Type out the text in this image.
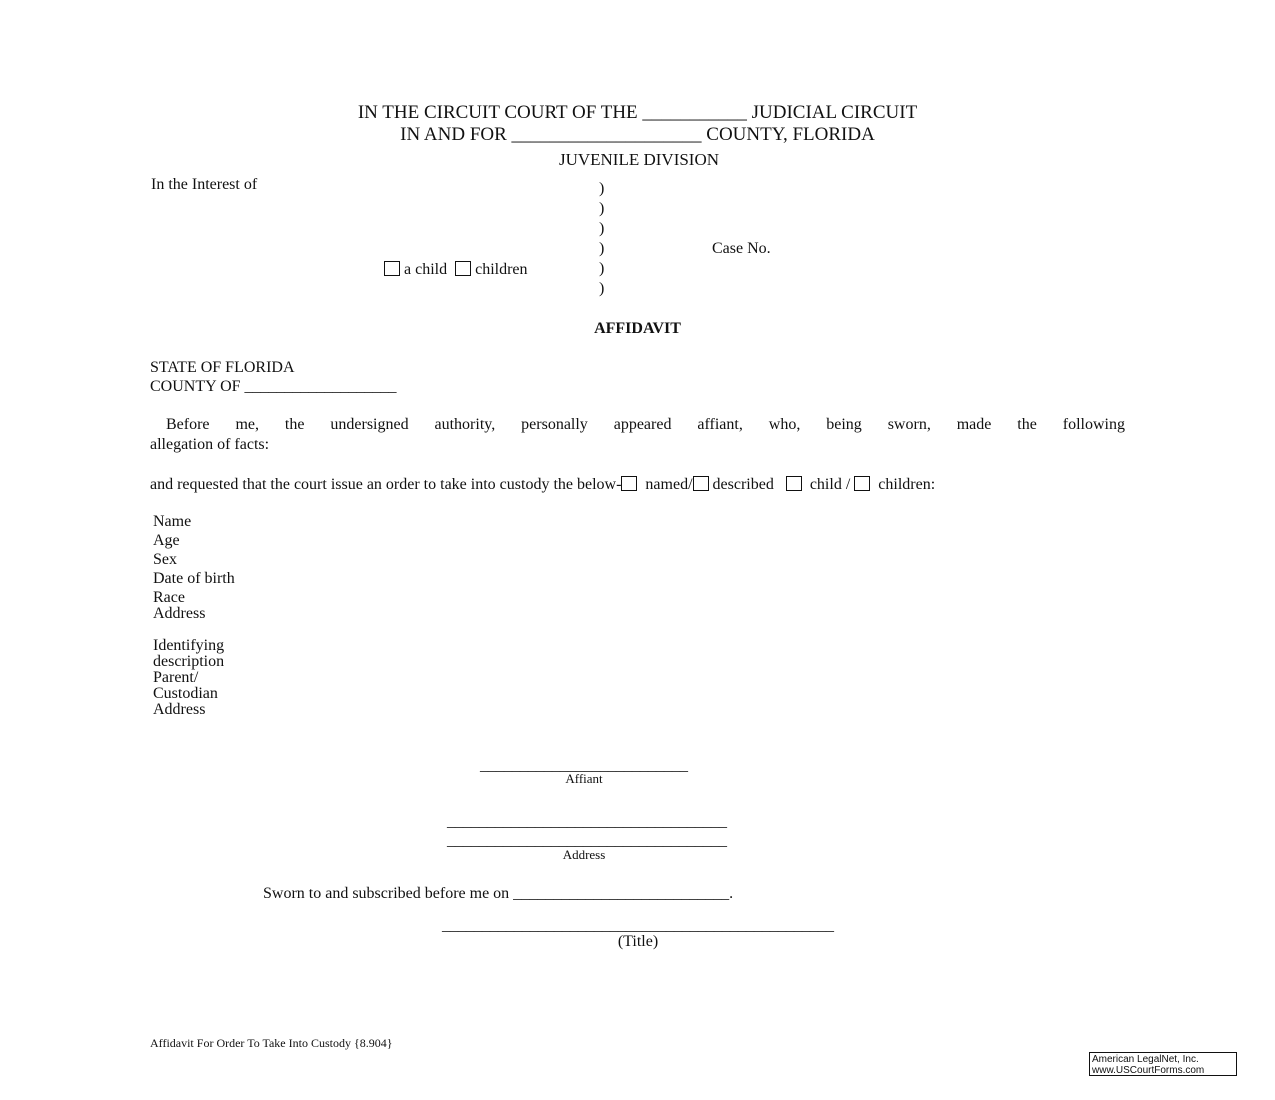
IN THE CIRCUIT COURT OF THE ___________ JUDICIAL CIRCUIT
IN AND FOR ____________________ COUNTY, FLORIDA
JUVENILE DIVISION
In the Interest of	)
)
)
)
)
)
Case No.
a child children
AFFIDAVIT
STATE OF FLORIDA
COUNTY OF ___________________
Before me, the undersigned authority, personally appeared affiant, who, being sworn, made the following
allegation of facts:
and requested that the court issue an order to take into custody the below- named/ described child / children:
Name
Age
Sex
Date of birth
Race
Address
Identifying
description
Parent/
Custodian
Address
__________________________
Affiant
___________________________________
___________________________________
Address
Sworn to and subscribed before me on ___________________________.
_________________________________________________
(Title)
Affidavit For Order To Take Into Custody {8.904}
American LegalNet, Inc.
www.USCourtForms.com
